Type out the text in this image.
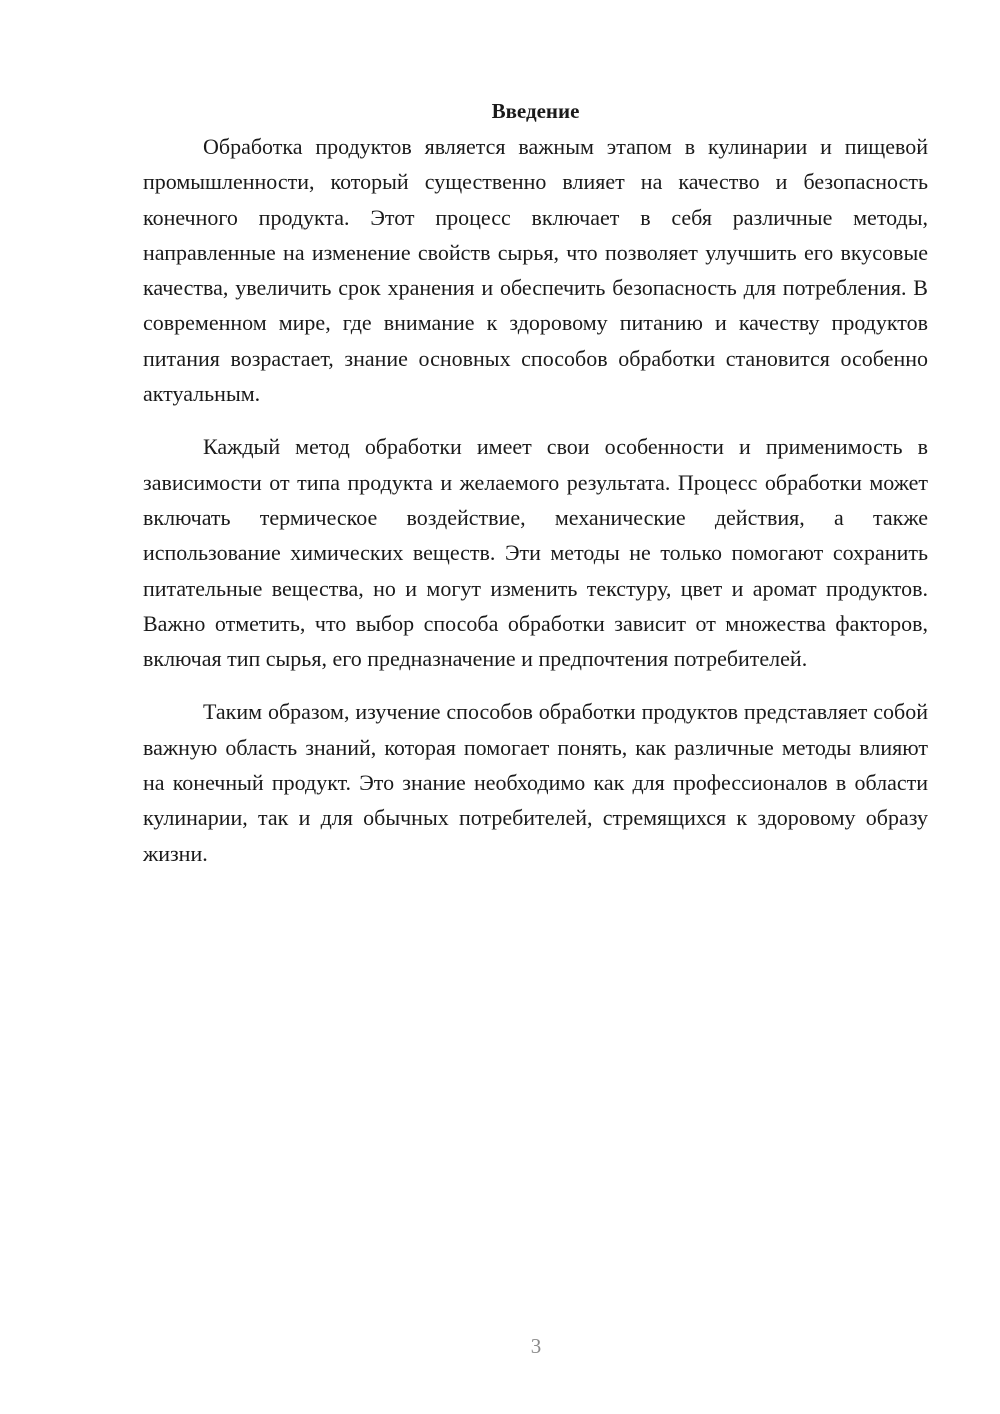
Введение

Обработка продуктов является важным этапом в кулинарии и пищевой промышленности, который существенно влияет на качество и безопасность конечного продукта. Этот процесс включает в себя различные методы, направленные на изменение свойств сырья, что позволяет улучшить его вкусовые качества, увеличить срок хранения и обеспечить безопасность для потребления. В современном мире, где внимание к здоровому питанию и качеству продуктов питания возрастает, знание основных способов обработки становится особенно актуальным.

Каждый метод обработки имеет свои особенности и применимость в зависимости от типа продукта и желаемого результата. Процесс обработки может включать термическое воздействие, механические действия, а также использование химических веществ. Эти методы не только помогают сохранить питательные вещества, но и могут изменить текстуру, цвет и аромат продуктов. Важно отметить, что выбор способа обработки зависит от множества факторов, включая тип сырья, его предназначение и предпочтения потребителей.

Таким образом, изучение способов обработки продуктов представляет собой важную область знаний, которая помогает понять, как различные методы влияют на конечный продукт. Это знание необходимо как для профессионалов в области кулинарии, так и для обычных потребителей, стремящихся к здоровому образу жизни.

3
